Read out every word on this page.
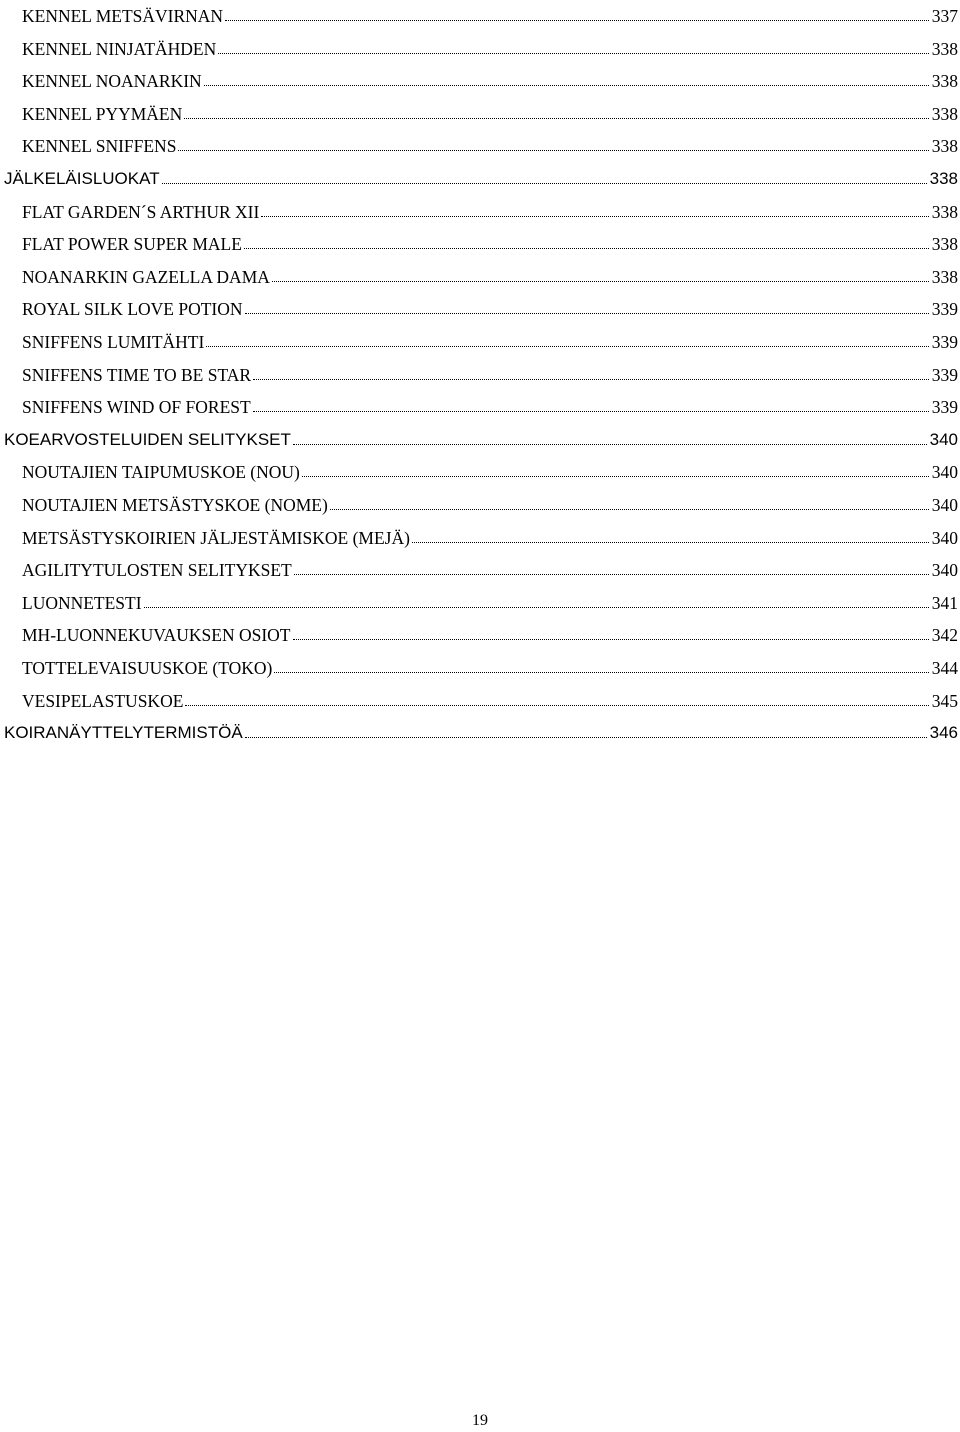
KENNEL METSÄVIRNAN	337
KENNEL NINJATÄHDEN	338
KENNEL NOANARKIN	338
KENNEL PYYMÄEN	338
KENNEL SNIFFENS	338
JÄLKELÄISLUOKAT	338
FLAT GARDEN´S ARTHUR XII	338
FLAT POWER SUPER MALE	338
NOANARKIN GAZELLA DAMA	338
ROYAL SILK LOVE POTION	339
SNIFFENS LUMITÄHTI	339
SNIFFENS TIME TO BE STAR	339
SNIFFENS WIND OF FOREST	339
KOEARVOSTELUIDEN SELITYKSET	340
NOUTAJIEN TAIPUMUSKOE (NOU)	340
NOUTAJIEN METSÄSTYSKOE (NOME)	340
METSÄSTYSKOIRIEN JÄLJESTÄMISKOE (MEJÄ)	340
AGILITYTULOSTEN SELITYKSET	340
LUONNETESTI	341
MH-LUONNEKUVAUKSEN OSIOT	342
TOTTELEVAISUUSKOE (TOKO)	344
VESIPELASTUSKOE	345
KOIRANÄYTTELYTERMISTÖÄ	346
19
